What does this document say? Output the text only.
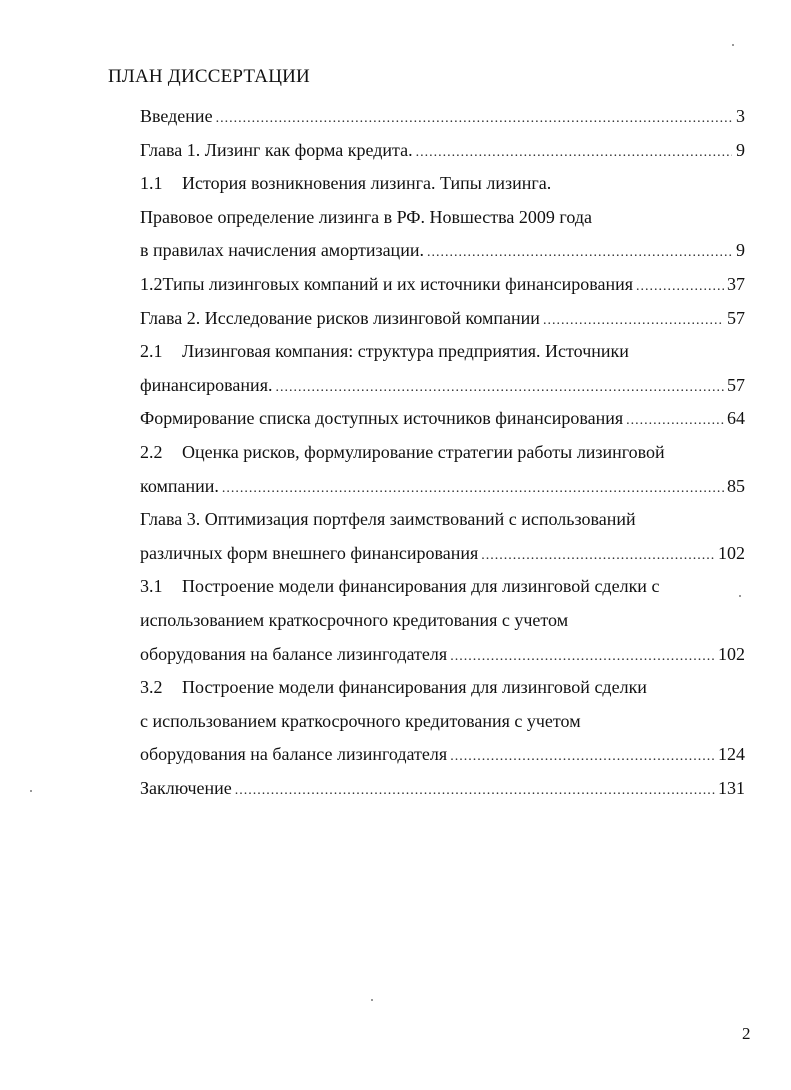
ПЛАН ДИССЕРТАЦИИ
Введение .....	3
Глава 1. Лизинг как форма кредита. .....	9
1.1	История возникновения лизинга. Типы лизинга.
Правовое определение лизинга в РФ. Новшества 2009 года
в правилах начисления амортизации. .....	9
1.2 Типы лизинговых компаний и их источники финансирования .....	37
Глава 2. Исследование рисков лизинговой компании .....	57
2.1	Лизинговая компания: структура предприятия. Источники
финансирования. .....	57
Формирование списка доступных источников финансирования .....	64
2.2	Оценка рисков, формулирование стратегии работы лизинговой
компании. .....	85
Глава 3. Оптимизация портфеля заимствований с использований
различных форм внешнего финансирования .....	102
3.1	Построение модели финансирования для лизинговой сделки с
использованием краткосрочного кредитования с учетом
оборудования на балансе лизингодателя .....	102
3.2	Построение модели финансирования для лизинговой сделки
с использованием краткосрочного кредитования с учетом
оборудования на балансе лизингодателя .....	124
Заключение .....	131
2
